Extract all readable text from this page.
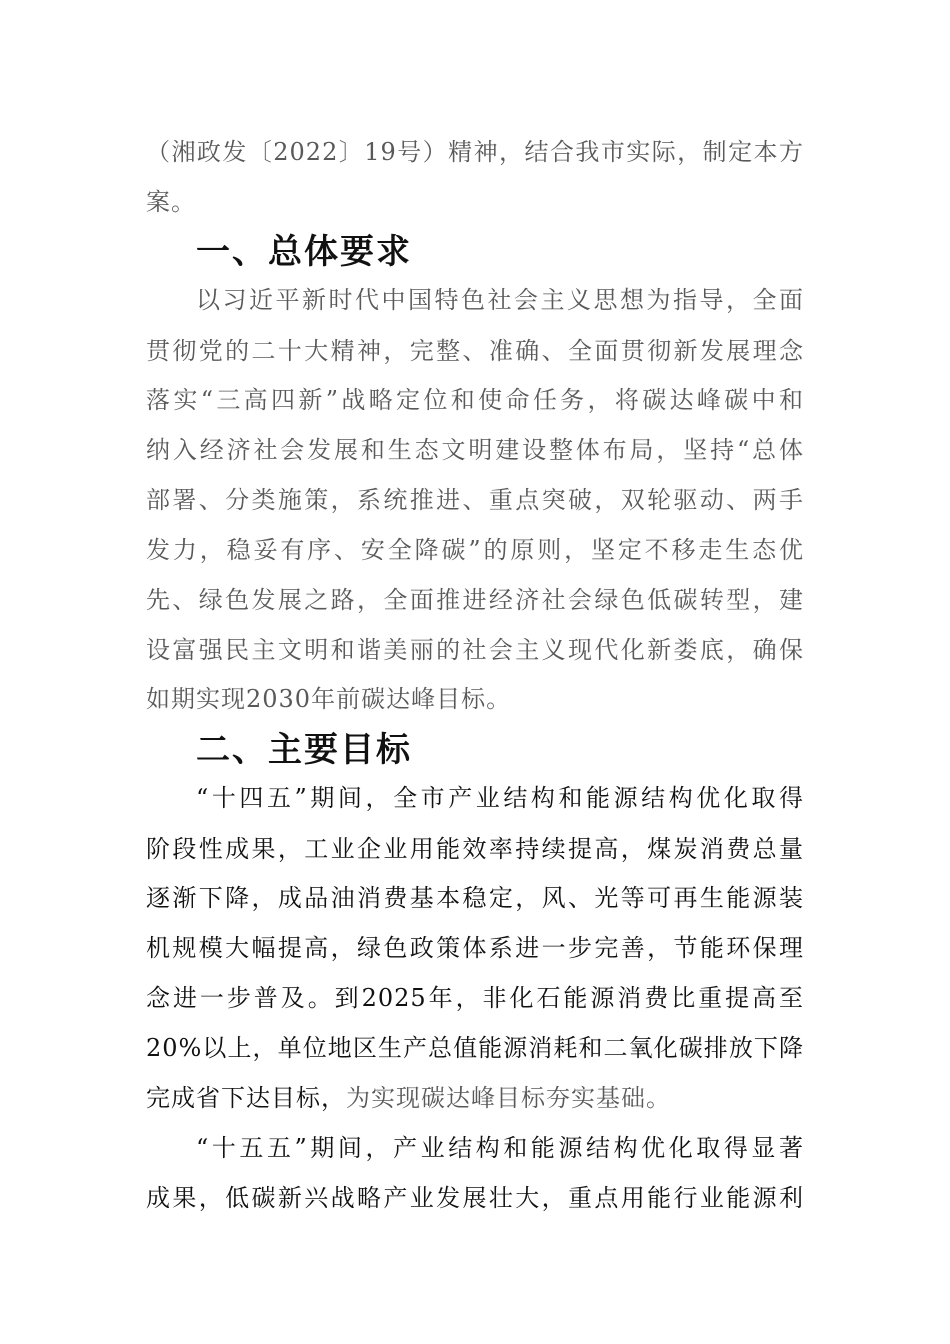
（湘政发〔2022〕19号）精神，结合我市实际，制定本方
案。
一、总体要求
以习近平新时代中国特色社会主义思想为指导，全面
贯彻党的二十大精神，完整、准确、全面贯彻新发展理念
落实“三高四新”战略定位和使命任务，将碳达峰碳中和
纳入经济社会发展和生态文明建设整体布局，坚持“总体
部署、分类施策，系统推进、重点突破，双轮驱动、两手
发力，稳妥有序、安全降碳”的原则，坚定不移走生态优
先、绿色发展之路，全面推进经济社会绿色低碳转型，建
设富强民主文明和谐美丽的社会主义现代化新娄底，确保
如期实现2030年前碳达峰目标。
二、主要目标
“十四五”期间，全市产业结构和能源结构优化取得
阶段性成果，工业企业用能效率持续提高，煤炭消费总量
逐渐下降，成品油消费基本稳定，风、光等可再生能源装
机规模大幅提高，绿色政策体系进一步完善，节能环保理
念进一步普及。到2025年，非化石能源消费比重提高至
20%以上，单位地区生产总值能源消耗和二氧化碳排放下降
完成省下达目标，为实现碳达峰目标夯实基础。
“十五五”期间，产业结构和能源结构优化取得显著
成果，低碳新兴战略产业发展壮大，重点用能行业能源利
